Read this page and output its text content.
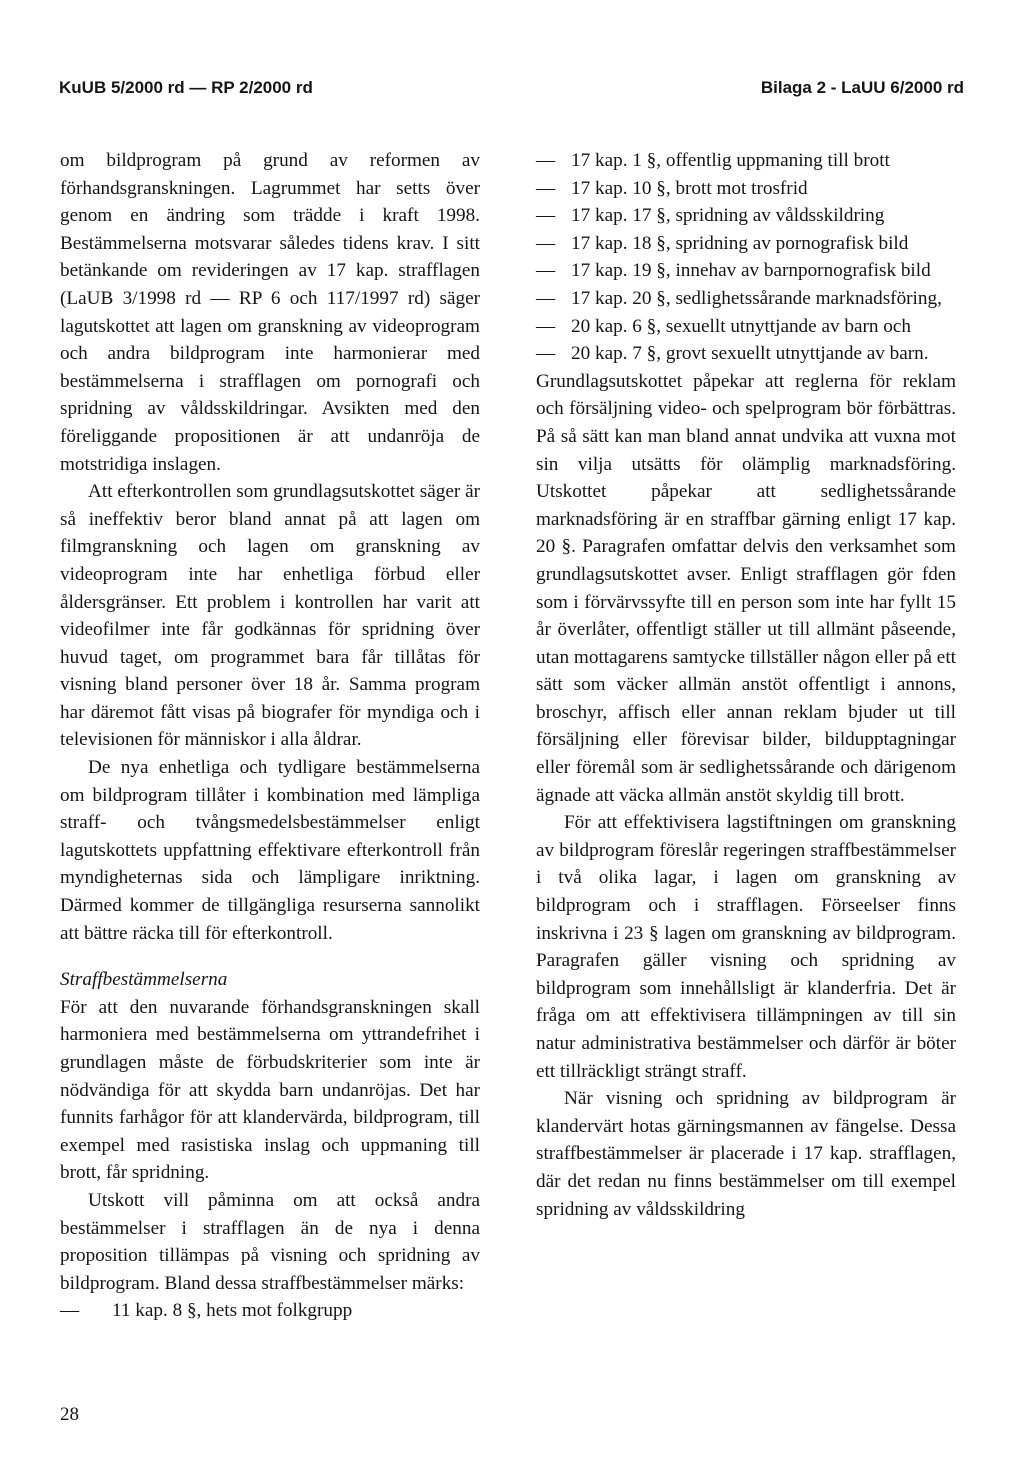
KuUB 5/2000 rd — RP 2/2000 rd	Bilaga 2 - LaUU 6/2000 rd

om bildprogram på grund av reformen av förhandsgranskningen. Lagrummet har setts över genom en ändring som trädde i kraft 1998. Bestämmelserna motsvarar således tidens krav. I sitt betänkande om revideringen av 17 kap. strafflagen (LaUB 3/1998 rd — RP 6 och 117/1997 rd) säger lagutskottet att lagen om granskning av videoprogram och andra bildprogram inte harmonierar med bestämmelserna i strafflagen om pornografi och spridning av våldsskildringar. Avsikten med den föreliggande propositionen är att undanröja de motstridiga inslagen.

Att efterkontrollen som grundlagsutskottet säger är så ineffektiv beror bland annat på att lagen om filmgranskning och lagen om granskning av videoprogram inte har enhetliga förbud eller åldersgränser. Ett problem i kontrollen har varit att videofilmer inte får godkännas för spridning över huvud taget, om programmet bara får tillåtas för visning bland personer över 18 år. Samma program har däremot fått visas på biografer för myndiga och i televisionen för människor i alla åldrar.

De nya enhetliga och tydligare bestämmelserna om bildprogram tillåter i kombination med lämpliga straff- och tvångsmedelsbestämmelser enligt lagutskottets uppfattning effektivare efterkontroll från myndigheternas sida och lämpligare inriktning. Därmed kommer de tillgängliga resurserna sannolikt att bättre räcka till för efterkontroll.

Straffbestämmelserna

För att den nuvarande förhandsgranskningen skall harmoniera med bestämmelserna om yttrandefrihet i grundlagen måste de förbudskriterier som inte är nödvändiga för att skydda barn undanröjas. Det har funnits farhågor för att klandervärda, bildprogram, till exempel med rasistiska inslag och uppmaning till brott, får spridning.

Utskott vill påminna om att också andra bestämmelser i strafflagen än de nya i denna proposition tillämpas på visning och spridning av bildprogram. Bland dessa straffbestämmelser märks:

— 11 kap. 8 §, hets mot folkgrupp
— 17 kap. 1 §, offentlig uppmaning till brott
— 17 kap. 10 §, brott mot trosfrid
— 17 kap. 17 §, spridning av våldsskildring
— 17 kap. 18 §, spridning av pornografisk bild
— 17 kap. 19 §, innehav av barnpornografisk bild
— 17 kap. 20 §, sedlighetssårande marknadsföring,
— 20 kap. 6 §, sexuellt utnyttjande av barn och
— 20 kap. 7 §, grovt sexuellt utnyttjande av barn.

Grundlagsutskottet påpekar att reglerna för reklam och försäljning video- och spelprogram bör förbättras. På så sätt kan man bland annat undvika att vuxna mot sin vilja utsätts för olämplig marknadsföring. Utskottet påpekar att sedlighetssårande marknadsföring är en straffbar gärning enligt 17 kap. 20 §. Paragrafen omfattar delvis den verksamhet som grundlagsutskottet avser. Enligt strafflagen gör fden som i förvärvssyfte till en person som inte har fyllt 15 år överlåter, offentligt ställer ut till allmänt påseende, utan mottagarens samtycke tillställer någon eller på ett sätt som väcker allmän anstöt offentligt i annons, broschyr, affisch eller annan reklam bjuder ut till försäljning eller förevisar bilder, bildupptagningar eller föremål som är sedlighetssårande och därigenom ägnade att väcka allmän anstöt skyldig till brott.

För att effektivisera lagstiftningen om granskning av bildprogram föreslår regeringen straffbestämmelser i två olika lagar, i lagen om granskning av bildprogram och i strafflagen. Förseelser finns inskrivna i 23 § lagen om granskning av bildprogram. Paragrafen gäller visning och spridning av bildprogram som innehållsligt är klanderfria. Det är fråga om att effektivisera tillämpningen av till sin natur administrativa bestämmelser och därför är böter ett tillräckligt strängt straff.

När visning och spridning av bildprogram är klandervärt hotas gärningsmannen av fängelse. Dessa straffbestämmelser är placerade i 17 kap. strafflagen, där det redan nu finns bestämmelser om till exempel spridning av våldsskildring

28
